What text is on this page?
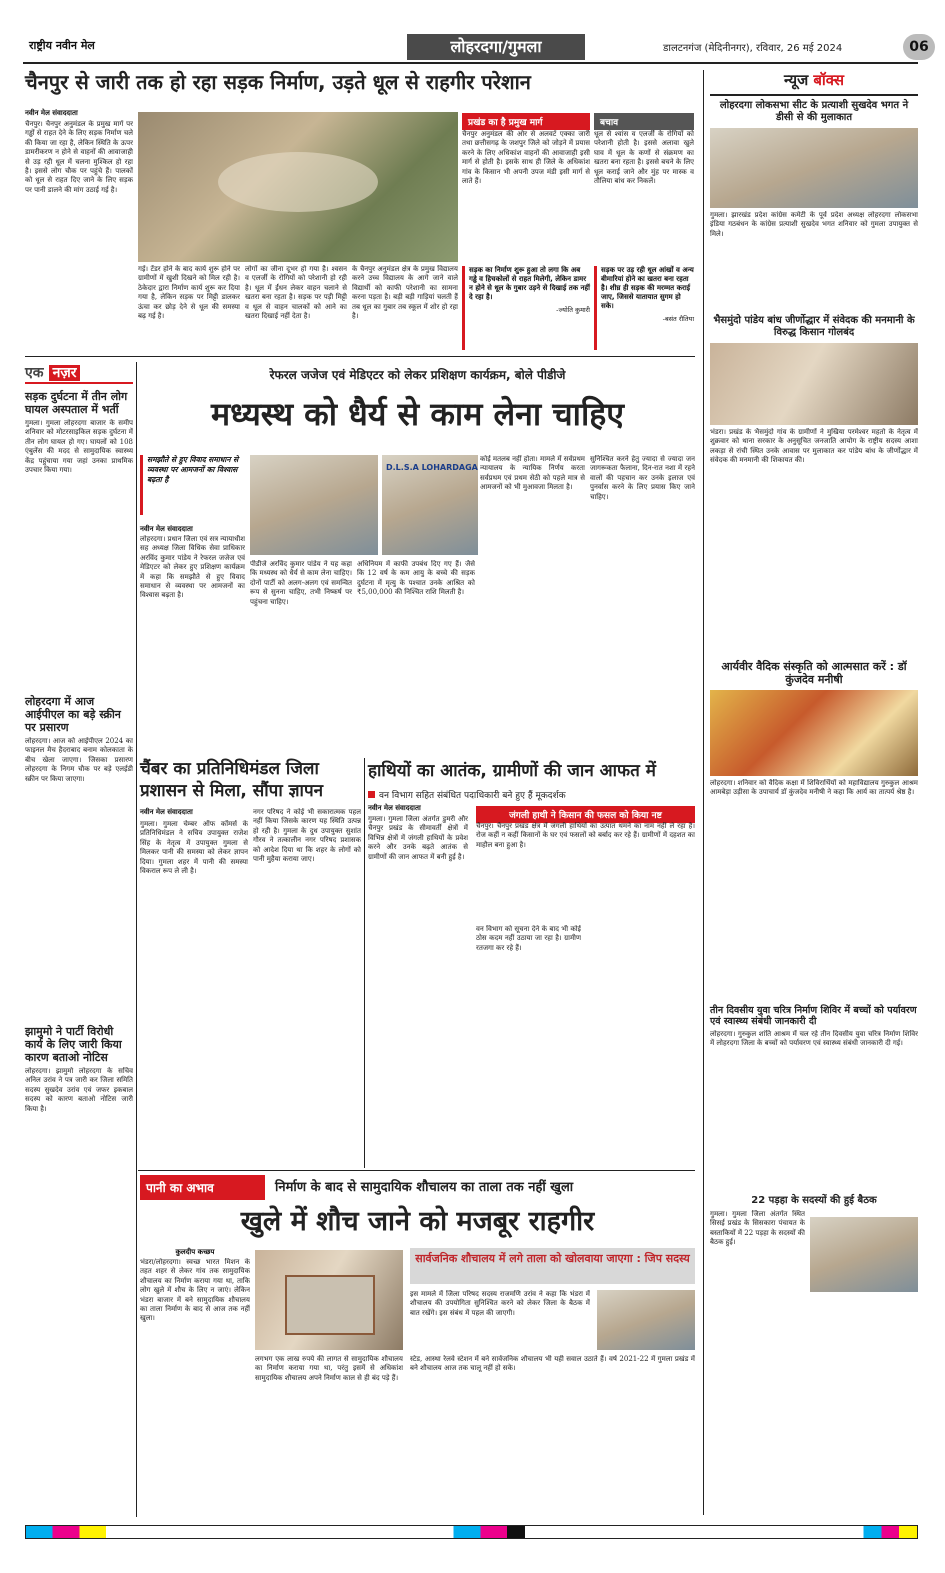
राष्ट्रीय नवीन मेल	लोहरदगा/गुमला	डालटनगंज (मेदिनीनगर), रविवार, 26 मई 2024	06
चैनपुर से जारी तक हो रहा सड़क निर्माण, उड़ते धूल से राहगीर परेशान
नवीन मेल संवाददाता
चैनपुर। चैनपुर अनुमंडल के प्रमुख मार्ग पर गड्ढों से राहत देने के लिए सड़क निर्माण चले की किया जा रहा है, लेकिन स्थिति के ऊपर डामरीकरण न होने से वाहनों की आवाजाही से उड़ रही धूल में चलना मुश्किल हो रहा है। इससे लोग चौक पर पहुंचे हैं। पालकों को धूल से राहत दिए जाने के लिए सड़क पर पानी डालने की मांग उठाई गई है।
गई। टेंडर होने के बाद कार्य शुरू होने पर ग्रामीणों में खुशी दिखने को मिल रही है। ठेकेदार द्वारा निर्माण कार्य शुरू कर दिया गया है, लेकिन सड़क पर मिट्टी डालकर ऊंचा कर छोड़ देने से धूल की समस्या बढ़ गई है।
लोगों का जीना दूभर हो गया है। श्वसन व एलर्जी के रोगियों को परेशानी हो रही है। धूल में ईंधन लेकर वाहन चलाने से खतरा बना रहता है। सड़क पर पड़ी मिट्टी व धूल से वाहन चालकों को आने का खतरा दिखाई नहीं देता है।
के चैनपुर अनुमंडल क्षेत्र के प्रमुख विद्यालय करने उच्च विद्यालय के आगे जाने वाले विद्यार्थी को काफी परेशानी का सामना करना पड़ता है। बड़ी बड़ी गाड़ियां चलती हैं तब धूल का गुबार तब स्कूल में शोर हो रहा है।
प्रखंड का है प्रमुख मार्ग	बचाव
चैनपुर अनुमंडल की ओर से अलवर्ट एक्का जारी तथा छत्तीसगढ़ के जशपुर जिले को जोड़ने में प्रयास करने के लिए अधिकांश वाहनों की आवाजाही इसी मार्ग से होती है। इसके साथ ही जिले के अधिकांश गांव के किसान भी अपनी उपज मंडी इसी मार्ग से लाते हैं।
धूल से श्वांस व एलर्जी के रोगियों को परेशानी होती है। इससे अलावा खुले घाव में धूल के कणों से संक्रमण का खतरा बना रहता है। इससे बचने के लिए धूल कराई जाने और मुंह पर मास्क व तौलिया बांध कर निकलें।
सड़क का निर्माण शुरू हुआ तो लगा कि अब गड्ढे व हिचकोलों से राहत मिलेगी, लेकिन डामर न होने से धूल के गुबार उड़ने से दिखाई तक नहीं दे रहा है।
-ज्योति कुमारी
सड़क पर उड़ रही धूल आंखों व अन्य बीमारियां होने का खतरा बना रहता है। शीघ्र ही सड़क की मरम्मत कराई जाए, जिससे यातायात सुगम हो सके।
-बसंत रौतिया
एक नज़र
सड़क दुर्घटना में तीन लोग घायल अस्पताल में भर्ती
गुमला। गुमला लोहरदगा बाजार के समीप शनिवार को मोटरसाइकिल सड़क दुर्घटना में तीन लोग घायल हो गए। घायलों को 108 एंबुलेंस की मदद से सामुदायिक स्वास्थ्य केंद्र पहुंचाया गया जहां उनका प्राथमिक उपचार किया गया।
लोहरदगा में आज आईपीएल का बड़े स्क्रीन पर प्रसारण
लोहरदगा। आज को आईपीएल 2024 का फाइनल मैच हैदराबाद बनाम कोलकाता के बीच खेला जाएगा। जिसका प्रसारण लोहरदगा के निगम चौक पर बड़े एलईडी स्क्रीन पर किया जाएगा।
झामुमो ने पार्टी विरोधी कार्य के लिए जारी किया कारण बताओ नोटिस
लोहरदगा। झामुमो लोहरदगा के सचिव अनिल उरांव ने पत्र जारी कर जिला समिति सदस्य सुखदेव उरांव एवं जफर इकबाल सदस्य को कारण बताओ नोटिस जारी किया है।
रेफरल जजेज एवं मेडिएटर को लेकर प्रशिक्षण कार्यक्रम, बोले पीडीजे
मध्यस्थ को धैर्य से काम लेना चाहिए
समझौते से हुए विवाद समाधान से व्यवस्था पर आमजनों का विश्वास बढ़ता है
D.L.S.A LOHARDAGA
नवीन मेल संवाददाता
लोहरदगा। प्रधान जिला एवं सत्र न्यायाधीश सह अध्यक्ष जिला विधिक सेवा प्राधिकार अरविंद कुमार पांडेय ने रेफरल जजेज एवं मेडिएटर को लेकर हुए प्रशिक्षण कार्यक्रम में कहा कि समझौते से हुए विवाद समाधान से व्यवस्था पर आमजनों का विश्वास बढ़ता है।
पीडीजे अरविंद कुमार पांडेय ने यह कहा कि मध्यस्थ को धैर्य से काम लेना चाहिए। दोनों पार्टी को अलग-अलग एवं समन्वित रूप से सुनना चाहिए, तभी निष्कर्ष पर पहुंचना चाहिए।
अधिनियम में काफी उपबंध दिए गए हैं। जैसे कि 12 वर्ष के कम आयु के बच्चे की सड़क दुर्घटना में मृत्यु के पश्चात उनके आश्रित को ₹5,00,000 की निश्चित राशि मिलती है।
कोई मतलब नहीं होता। मामले में सर्वप्रथम न्यायालय के न्यायिक निर्णय करता सर्वप्रथम एवं प्रथम सेठी को पहले मात्र से आमजनों को भी मुआवजा मिलता है।
सुनिश्चित करने हेतु ज्यादा से ज्यादा जन जागरूकता फैलाना, दिन-रात नशा में रहने वालों की पहचान कर उनके इलाज एवं पुनर्वास करने के लिए प्रयास किए जाने चाहिए।
चैंबर का प्रतिनिधिमंडल जिला प्रशासन से मिला, सौंपा ज्ञापन
नवीन मेल संवाददाता
गुमला। गुमला चेम्बर ऑफ कॉमर्स के प्रतिनिधिमंडल ने सचिव उपायुक्त राजेश सिंह के नेतृत्व में उपायुक्त गुमला से मिलकर पानी की समस्या को लेकर ज्ञापन दिया। गुमला शहर में पानी की समस्या विकराल रूप ले ली है।
नगर परिषद ने कोई भी सकारात्मक पहल नहीं किया जिसके कारण यह स्थिति उत्पन्न हो रही है। गुमला के दुध उपायुक्त सुशांत गौरव ने तत्कालीन नगर परिषद प्रशासक को आदेश दिया था कि शहर के लोगों को पानी मुहैया कराया जाए।
हाथियों का आतंक, ग्रामीणों की जान आफत में
वन विभाग सहित संबंधित पदाधिकारी बने हुए हैं मूकदर्शक
नवीन मेल संवाददाता
गुमला। गुमला जिला अंतर्गत डुमरी और चैनपुर प्रखंड के सीमावर्ती क्षेत्रों में विभिन्न क्षेत्रों में जंगली हाथियों के प्रवेश करने और उनके बढ़ते आतंक से ग्रामीणों की जान आफत में बनी हुई है।
जंगली हाथी ने किसान की फसल को किया नष्ट
चैनपुर। चैनपुर प्रखंड क्षेत्र में जंगली हाथियों का उत्पात थमने का नाम नहीं ले रहा है। रोज कहीं न कहीं किसानों के घर एवं फसलों को बर्बाद कर रहे हैं। ग्रामीणों में दहशत का माहौल बना हुआ है।
वन विभाग को सूचना देने के बाद भी कोई ठोस कदम नहीं उठाया जा रहा है। ग्रामीण रतजगा कर रहे हैं।
पानी का अभाव	निर्माण के बाद से सामुदायिक शौचालय का ताला तक नहीं खुला
खुले में शौच जाने को मजबूर राहगीर
कुलदीप कच्छप
भंडरा/लोहरदगा। स्वच्छ भारत मिशन के तहत शहर से लेकर गांव तक सामुदायिक शौचालय का निर्माण कराया गया था, ताकि लोग खुले में शौच के लिए न जाएं। लेकिन भंडरा बाजार में बने सामुदायिक शौचालय का ताला निर्माण के बाद से आज तक नहीं खुला।
सार्वजनिक शौचालय में लगे ताला को खोलवाया जाएगा : जिप सदस्य
इस मामले में जिला परिषद सदस्य राजमणि उरांव ने कहा कि भंडरा में शौचालय की उपयोगिता सुनिश्चित करने को लेकर जिला के बैठक में बात रखेंगे। इस संबंध में पहल की जाएगी।
लगभग एक लाख रुपये की लागत से सामुदायिक शौचालय का निर्माण कराया गया था, परंतु इसमें से अधिकांश सामुदायिक शौचालय अपने निर्माण काल से ही बंद पड़े हैं।
स्टेड, आस्था रेलवे स्टेशन में बने सार्वजनिक शौचालय भी यही सवाल उठाते हैं। वर्ष 2021-22 में गुमला प्रखंड में बने शौचालय आज तक चालू नहीं हो सके।
न्यूज बॉक्स
लोहरदगा लोकसभा सीट के प्रत्याशी सुखदेव भगत ने डीसी से की मुलाकात
गुमला। झारखंड प्रदेश कांग्रेस कमेटी के पूर्व प्रदेश अध्यक्ष लोहरदगा लोकसभा इंडिया गठबंधन के कांग्रेस प्रत्याशी सुखदेव भगत शनिवार को गुमला उपायुक्त से मिले।
भैसमुंदो पांडेय बांध जीर्णोद्धार में संवेदक की मनमानी के विरुद्ध किसान गोलबंद
भंडरा। प्रखंड के भैसमुंदो गांव के ग्रामीणों ने मुखिया परमेश्वर महतो के नेतृत्व में शुक्रवार को थाना सरकार के अनुसूचित जनजाति आयोग के राष्ट्रीय सदस्य आशा लकड़ा से रांची स्थित उनके आवास पर मुलाकात कर पांडेय बांध के जीर्णोद्धार में संवेदक की मनमानी की शिकायत की।
आर्यवीर वैदिक संस्कृति को आत्मसात करें : डॉ कुंजदेव मनीषी
लोहरदगा। शनिवार को वैदिक कक्षा में शिविरार्थियों को महाविद्यालय गुरुकुल आश्रम आमबेड़ा उड़ीसा के उपाचार्य डॉ कुंजदेव मनीषी ने कहा कि आर्य का तात्पर्य श्रेष्ठ है।
तीन दिवसीय युवा चरित्र निर्माण शिविर में बच्चों को पर्यावरण एवं स्वास्थ्य संबंधी जानकारी दी
लोहरदगा। गुरुकुल शांति आश्रम में चल रहे तीन दिवसीय युवा चरित्र निर्माण शिविर में लोहरदगा जिला के बच्चों को पर्यावरण एवं स्वास्थ्य संबंधी जानकारी दी गई।
22 पड़हा के सदस्यों की हुई बैठक
गुमला। गुमला जिला अंतर्गत स्थित सिसई प्रखंड के सिसकारा पंचायत के बस्ताकियों में 22 पड़हा के सदस्यों की बैठक हुई।
